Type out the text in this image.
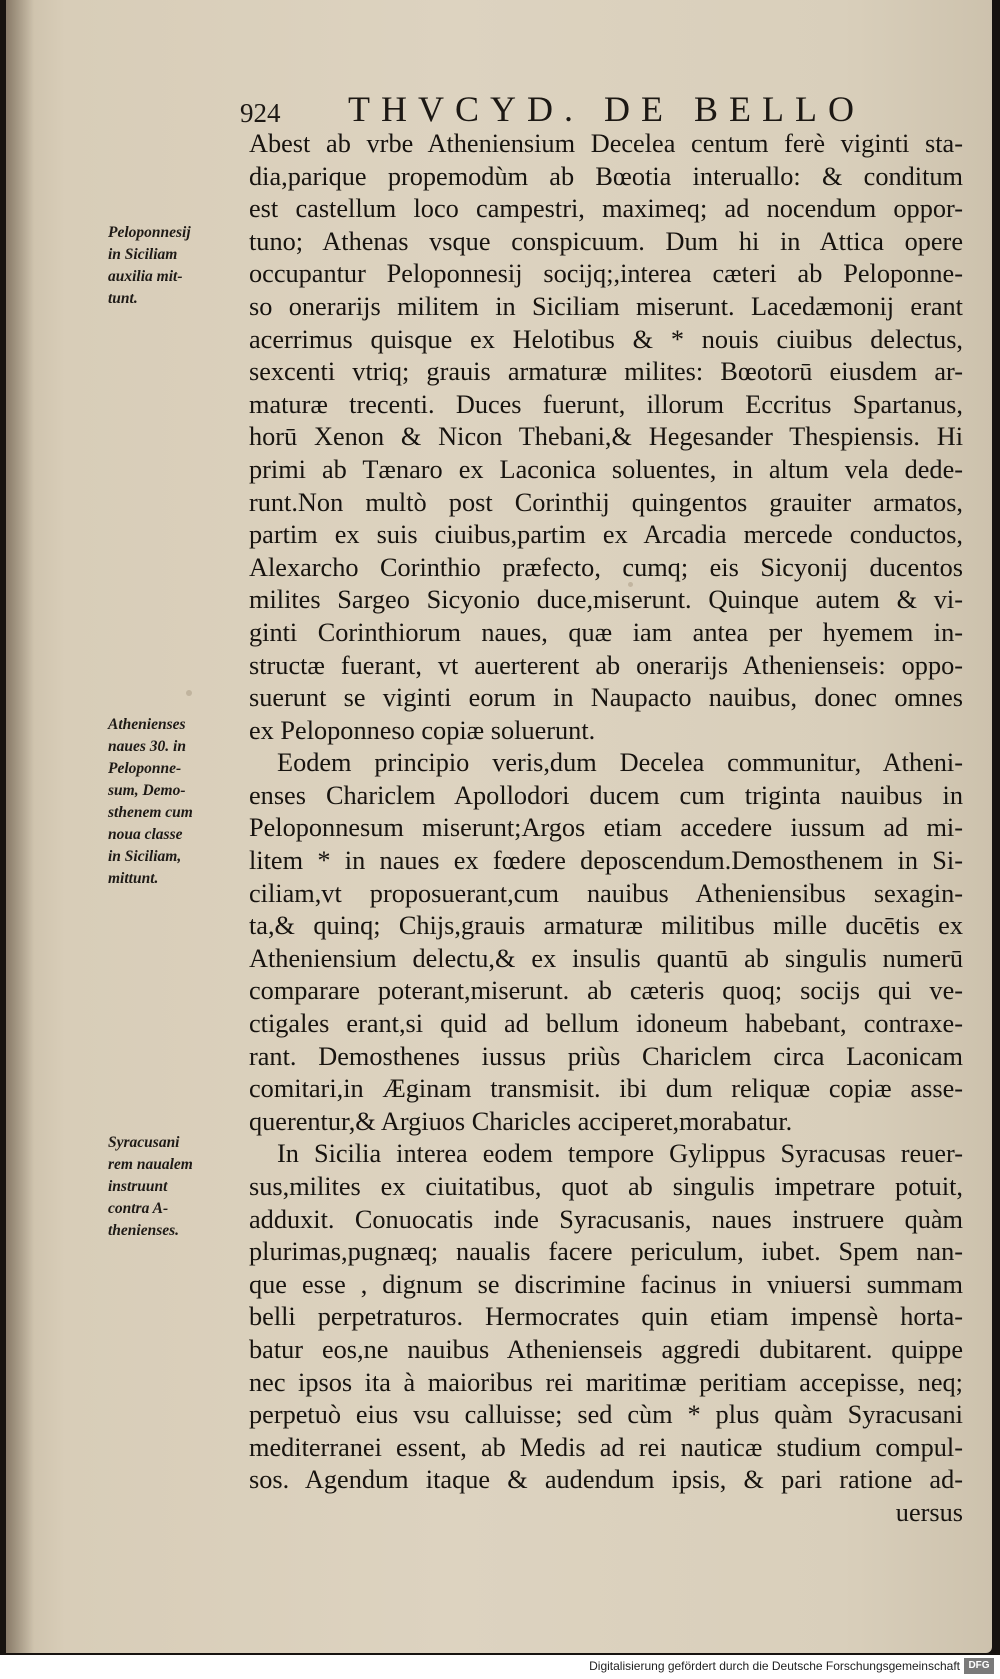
924 THVCYD. DE BELLO
Abest ab vrbe Atheniensium Decelea centum ferè viginti sta-
dia,parique propemodùm ab Bœotia interuallo: & conditum
est castellum loco campestri, maximeq; ad nocendum oppor-
tuno; Athenas vsque conspicuum. Dum hi in Attica opere
occupantur Peloponnesij socijq;,interea cæteri ab Peloponne-
so onerarijs militem in Siciliam miserunt. Lacedæmonij erant
acerrimus quisque ex Helotibus & * nouis ciuibus delectus,
sexcenti vtriq; grauis armaturæ milites: Bœotorū eiusdem ar-
maturæ trecenti. Duces fuerunt, illorum Eccritus Spartanus,
horū Xenon & Nicon Thebani,& Hegesander Thespiensis. Hi
primi ab Tænaro ex Laconica soluentes, in altum vela dede-
runt.Non multò post Corinthij quingentos grauiter armatos,
partim ex suis ciuibus,partim ex Arcadia mercede conductos,
Alexarcho Corinthio præfecto, cumq; eis Sicyonij ducentos
milites Sargeo Sicyonio duce,miserunt. Quinque autem & vi-
ginti Corinthiorum naues, quæ iam antea per hyemem in-
structæ fuerant, vt auerterent ab onerarijs Athenienseis: oppo-
suerunt se viginti eorum in Naupacto nauibus, donec omnes
ex Peloponneso copiæ soluerunt.
Eodem principio veris,dum Decelea communitur, Atheni-
enses Chariclem Apollodori ducem cum triginta nauibus in
Peloponnesum miserunt;Argos etiam accedere iussum ad mi-
litem * in naues ex fœdere deposcendum.Demosthenem in Si-
ciliam,vt proposuerant,cum nauibus Atheniensibus sexagin-
ta,& quinq; Chijs,grauis armaturæ militibus mille ducētis ex
Atheniensium delectu,& ex insulis quantū ab singulis numerū
comparare poterant,miserunt. ab cæteris quoq; socijs qui ve-
ctigales erant,si quid ad bellum idoneum habebant, contraxe-
rant. Demosthenes iussus priùs Chariclem circa Laconicam
comitari,in Æginam transmisit. ibi dum reliquæ copiæ asse-
querentur,& Argiuos Charicles acciperet,morabatur.
In Sicilia interea eodem tempore Gylippus Syracusas reuer-
sus,milites ex ciuitatibus, quot ab singulis impetrare potuit,
adduxit. Conuocatis inde Syracusanis, naues instruere quàm
plurimas,pugnæq; naualis facere periculum, iubet. Spem nan-
que esse , dignum se discrimine facinus in vniuersi summam
belli perpetraturos. Hermocrates quin etiam impensè horta-
batur eos,ne nauibus Athenienseis aggredi dubitarent. quippe
nec ipsos ita à maioribus rei maritimæ peritiam accepisse, neq;
perpetuò eius vsu calluisse; sed cùm * plus quàm Syracusani
mediterranei essent, ab Medis ad rei nauticæ studium compul-
sos. Agendum itaque & audendum ipsis, & pari ratione ad-
uersus
Peloponnesij
in Siciliam
auxilia mit-
tunt.
Athenienses
naues 30. in
Peloponne-
sum, Demo-
sthenem cum
noua classe
in Siciliam,
mittunt.
Syracusani
rem naualem
instruunt
contra A-
thenienses.
Digitalisierung gefördert durch die Deutsche Forschungsgemeinschaft DFG
